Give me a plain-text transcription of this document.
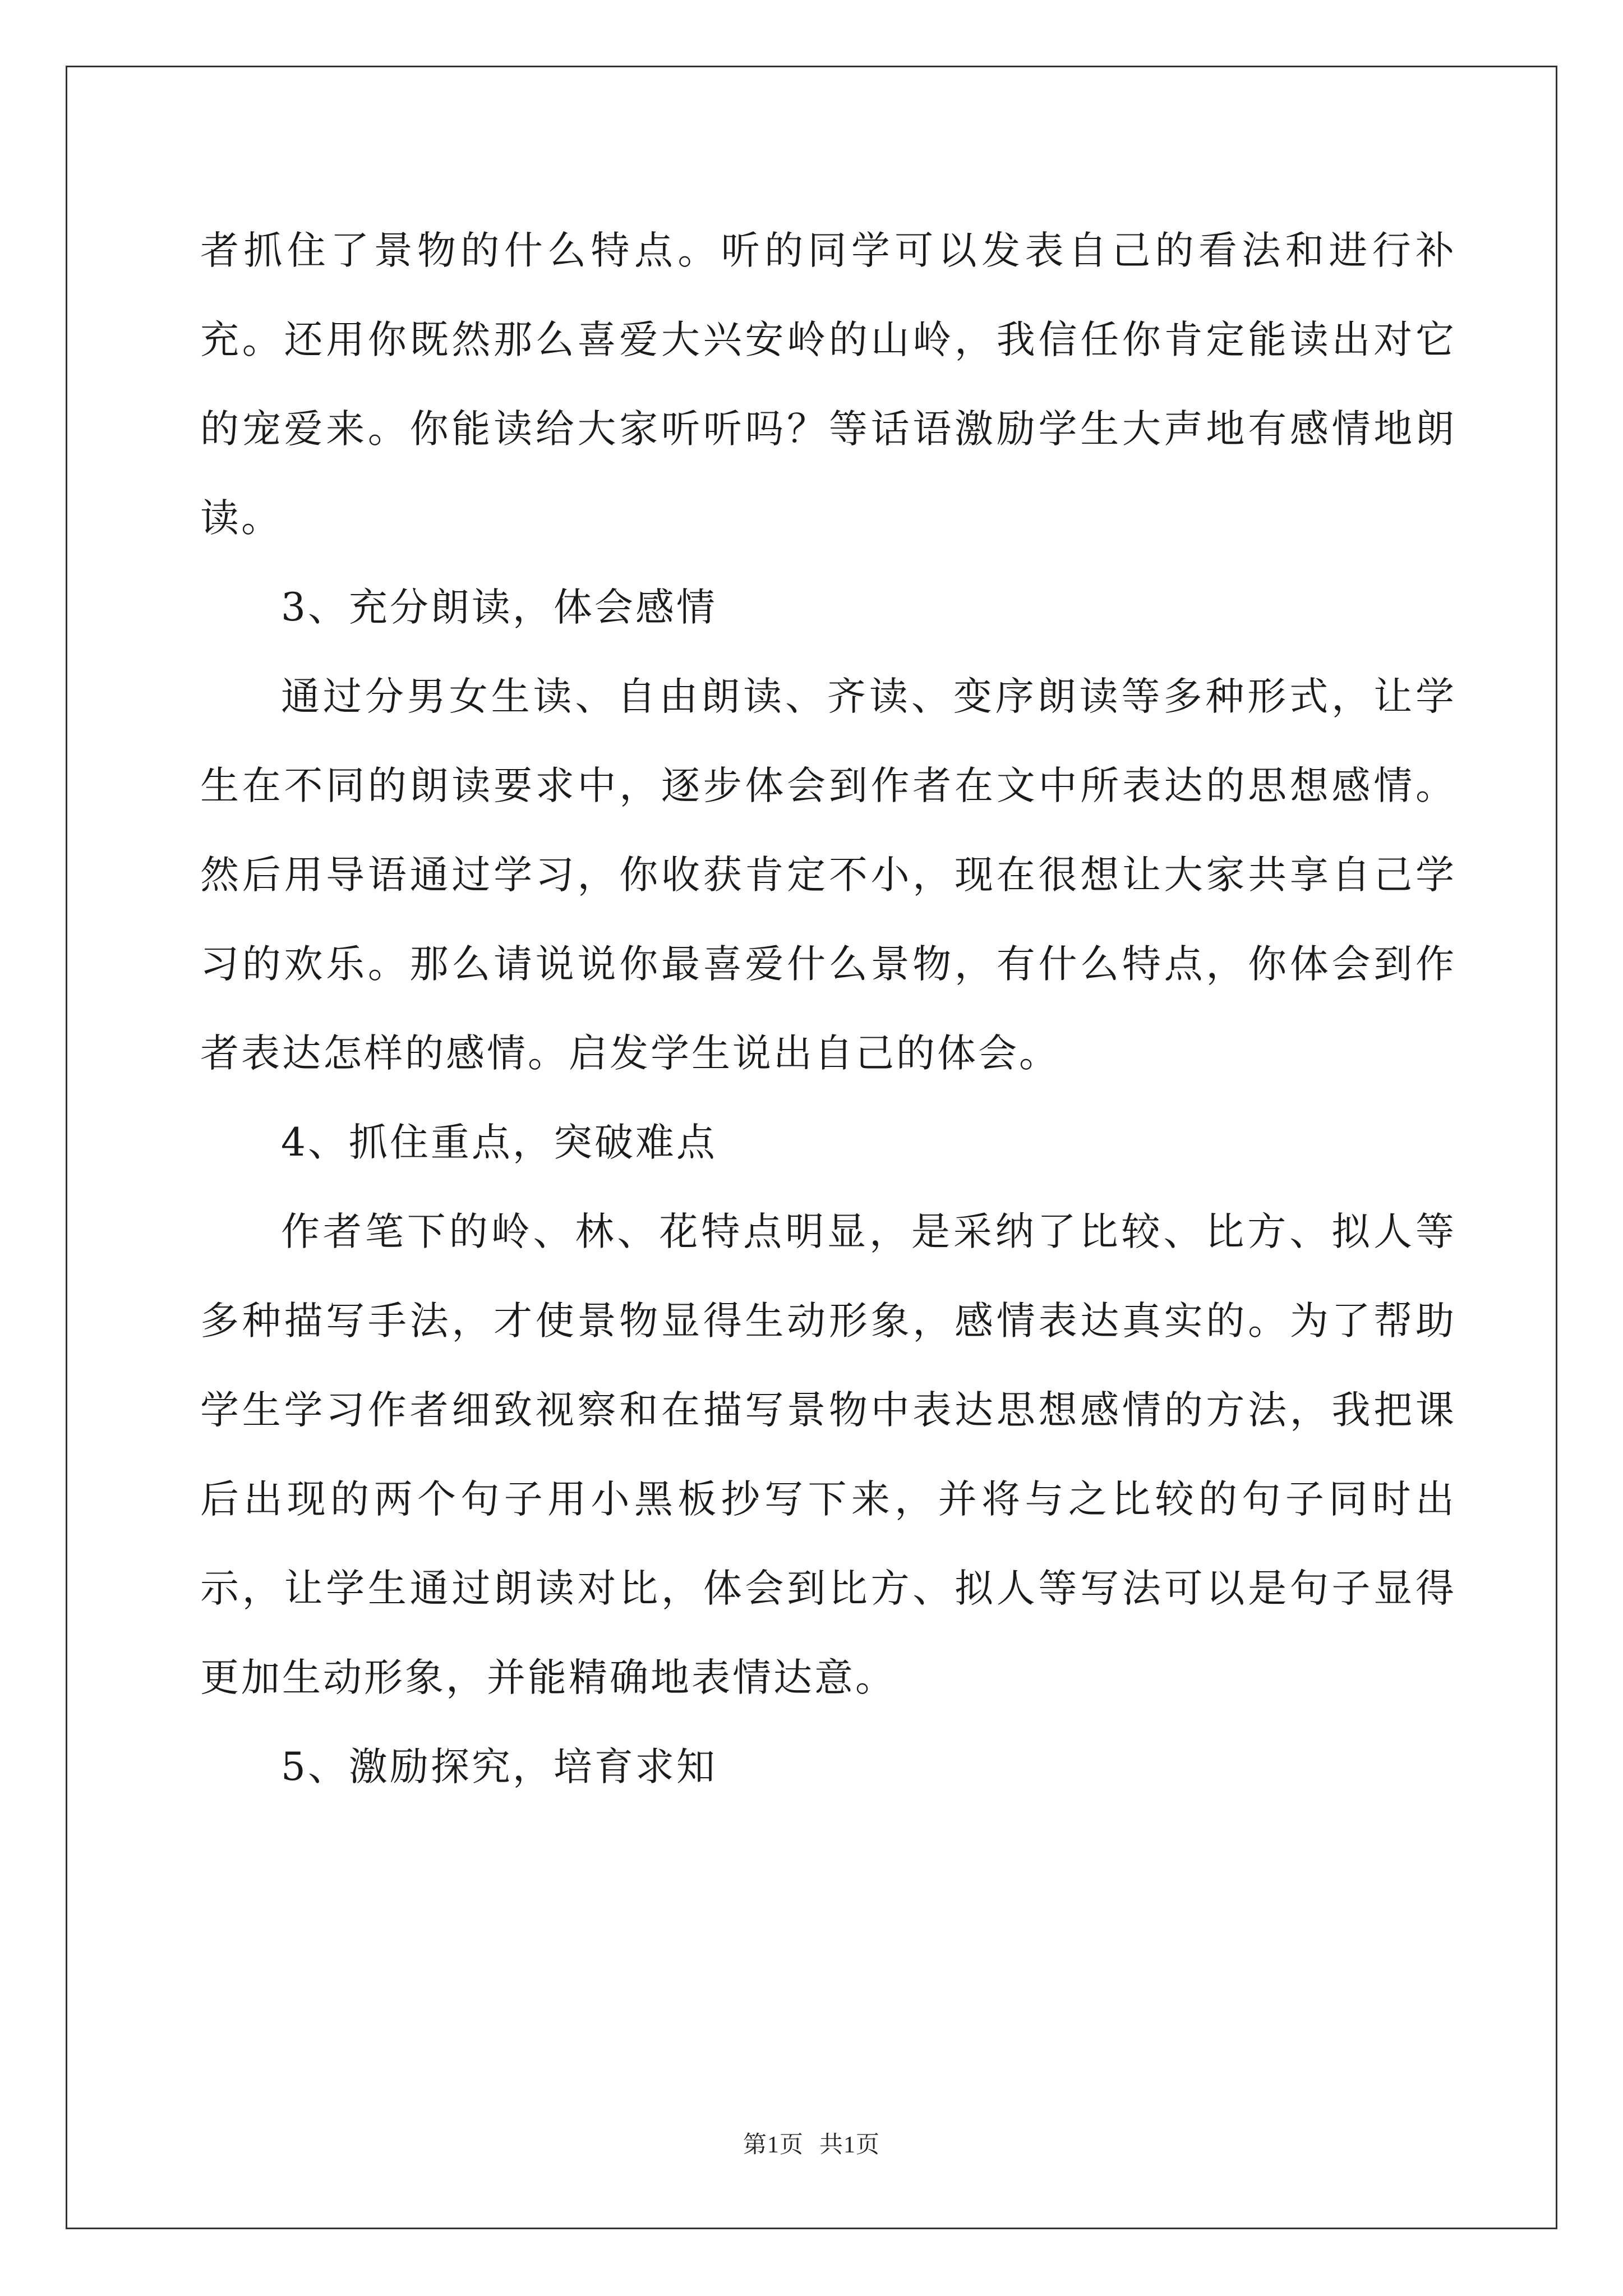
者抓住了景物的什么特点。听的同学可以发表自己的看法和进行补充。还用你既然那么喜爱大兴安岭的山岭，我信任你肯定能读出对它的宠爱来。你能读给大家听听吗？等话语激励学生大声地有感情地朗读。

3、充分朗读，体会感情

通过分男女生读、自由朗读、齐读、变序朗读等多种形式，让学生在不同的朗读要求中，逐步体会到作者在文中所表达的思想感情。然后用导语通过学习，你收获肯定不小，现在很想让大家共享自己学习的欢乐。那么请说说你最喜爱什么景物，有什么特点，你体会到作者表达怎样的感情。启发学生说出自己的体会。

4、抓住重点，突破难点

作者笔下的岭、林、花特点明显，是采纳了比较、比方、拟人等多种描写手法，才使景物显得生动形象，感情表达真实的。为了帮助学生学习作者细致视察和在描写景物中表达思想感情的方法，我把课后出现的两个句子用小黑板抄写下来，并将与之比较的句子同时出示，让学生通过朗读对比，体会到比方、拟人等写法可以是句子显得更加生动形象，并能精确地表情达意。

5、激励探究，培育求知

第1页 共1页
